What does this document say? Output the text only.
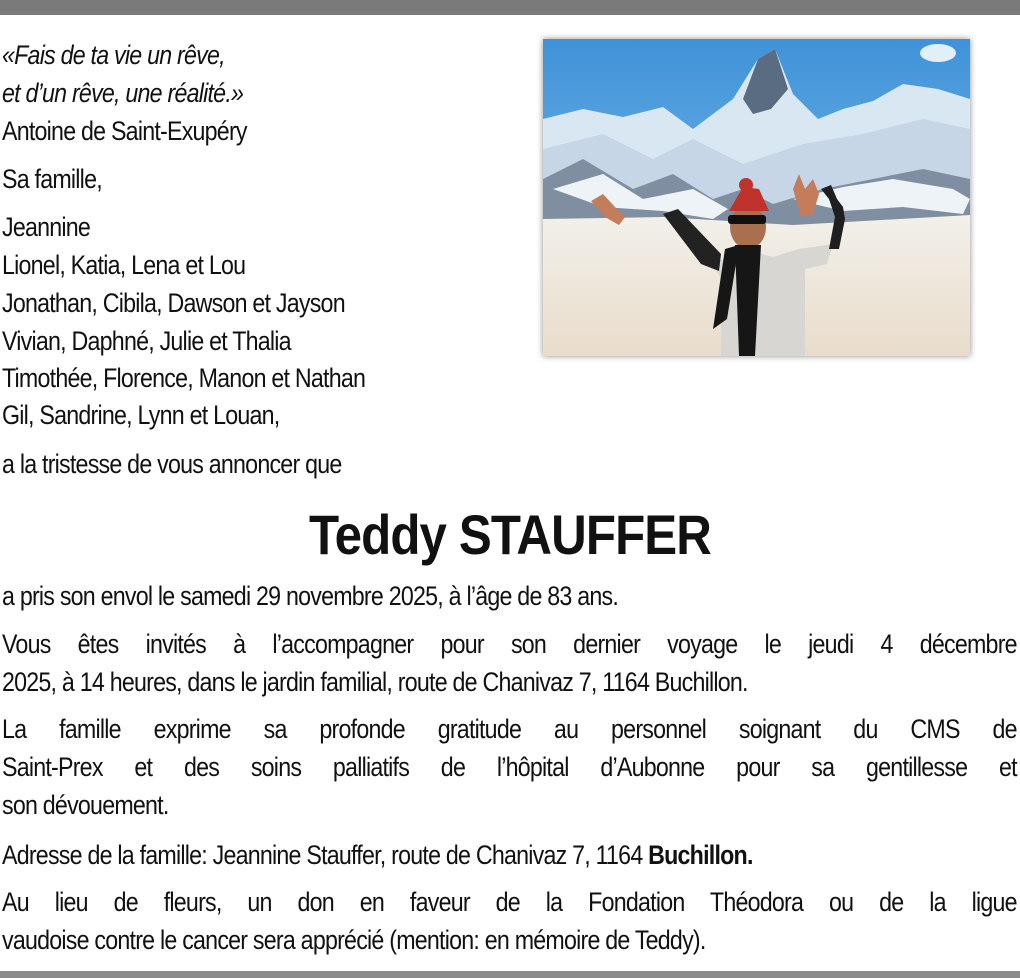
«Fais de ta vie un rêve,
et d’un rêve, une réalité.»
Antoine de Saint-Exupéry
Sa famille,
Jeannine
Lionel, Katia, Lena et Lou
Jonathan, Cibila, Dawson et Jayson
Vivian, Daphné, Julie et Thalia
Timothée, Florence, Manon et Nathan
Gil, Sandrine, Lynn et Louan,
a la tristesse de vous annoncer que
Teddy STAUFFER
a pris son envol le samedi 29 novembre 2025, à l’âge de 83 ans.
Vous êtes invités à l’accompagner pour son dernier voyage le jeudi 4 décembre
2025, à 14 heures, dans le jardin familial, route de Chanivaz 7, 1164 Buchillon.
La famille exprime sa profonde gratitude au personnel soignant du CMS de
Saint-Prex et des soins palliatifs de l’hôpital d’Aubonne pour sa gentillesse et
son dévouement.
Adresse de la famille: Jeannine Stauffer, route de Chanivaz 7, 1164 Buchillon.
Au lieu de fleurs, un don en faveur de la Fondation Théodora ou de la ligue
vaudoise contre le cancer sera apprécié (mention: en mémoire de Teddy).
